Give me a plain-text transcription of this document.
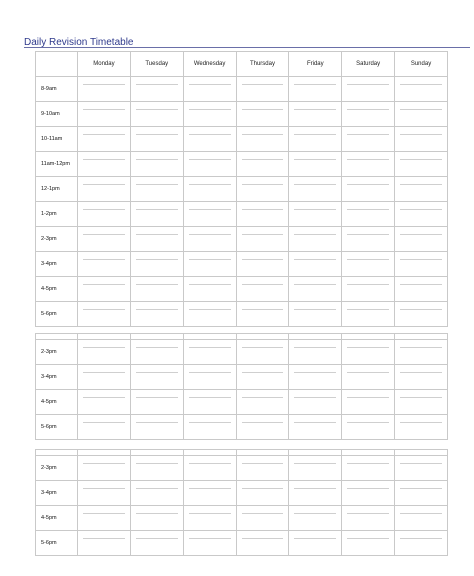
Daily Revision Timetable
	Monday	Tuesday	Wednesday	Thursday	Friday	Saturday	Sunday
8-9am	

9-10am	

10-11am	

11am-12pm	

12-1pm	

1-2pm	

2-3pm	

3-4pm	

4-5pm	

5-6pm	

2-3pm	

3-4pm	

4-5pm	

5-6pm	

2-3pm	

3-4pm	

4-5pm	

5-6pm	
